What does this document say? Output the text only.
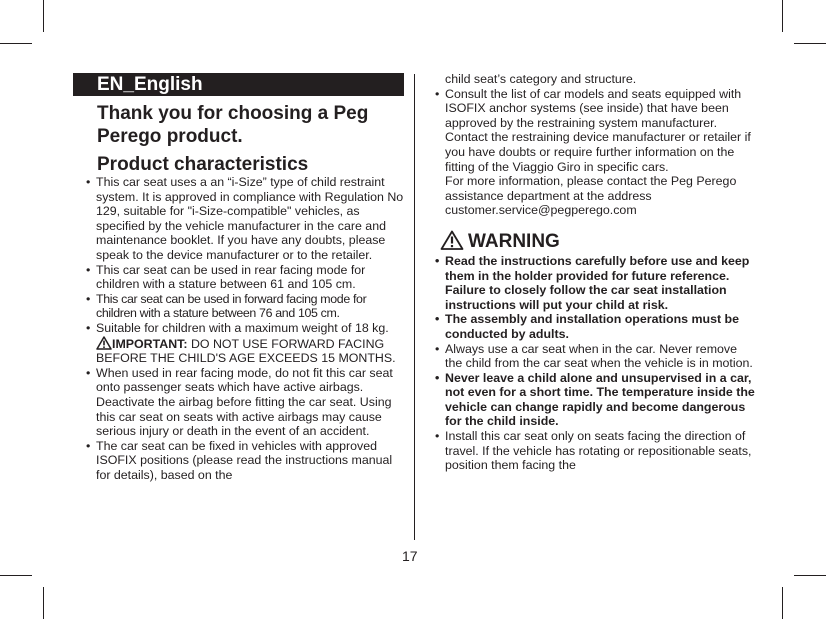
EN_English
Thank you for choosing a Peg Perego product.
Product characteristics
• This car seat uses a an “i-Size” type of child restraint system. It is approved in compliance with Regulation No 129, suitable for "i-Size-compatible" vehicles, as specified by the vehicle manufacturer in the care and maintenance booklet. If you have any doubts, please speak to the device manufacturer or to the retailer.
• This car seat can be used in rear facing mode for children with a stature between 61 and 105 cm.
• This car seat can be used in forward facing mode for children with a stature between 76 and 105 cm.
• Suitable for children with a maximum weight of 18 kg.
IMPORTANT: DO NOT USE FORWARD FACING BEFORE THE CHILD'S AGE EXCEEDS 15 MONTHS.
• When used in rear facing mode, do not fit this car seat onto passenger seats which have active airbags. Deactivate the airbag before fitting the car seat. Using this car seat on seats with active airbags may cause serious injury or death in the event of an accident.
• The car seat can be fixed in vehicles with approved ISOFIX positions (please read the instructions manual for details), based on the

child seat’s category and structure.

• Consult the list of car models and seats equipped with ISOFIX anchor systems (see inside) that have been approved by the restraining system manufacturer.
Contact the restraining device manufacturer or retailer if you have doubts or require further information on the fitting of the Viaggio Giro in specific cars.
For more information, please contact the Peg Perego assistance department at the address customer.service@pegperego.com
WARNING
• Read the instructions carefully before use and keep them in the holder provided for future reference. Failure to closely follow the car seat installation instructions will put your child at risk.
• The assembly and installation operations must be conducted by adults.
• Always use a car seat when in the car. Never remove the child from the car seat when the vehicle is in motion.
• Never leave a child alone and unsupervised in a car, not even for a short time. The temperature inside the vehicle can change rapidly and become dangerous for the child inside.
• Install this car seat only on seats facing the direction of travel. If the vehicle has rotating or repositionable seats, position them facing the
17
